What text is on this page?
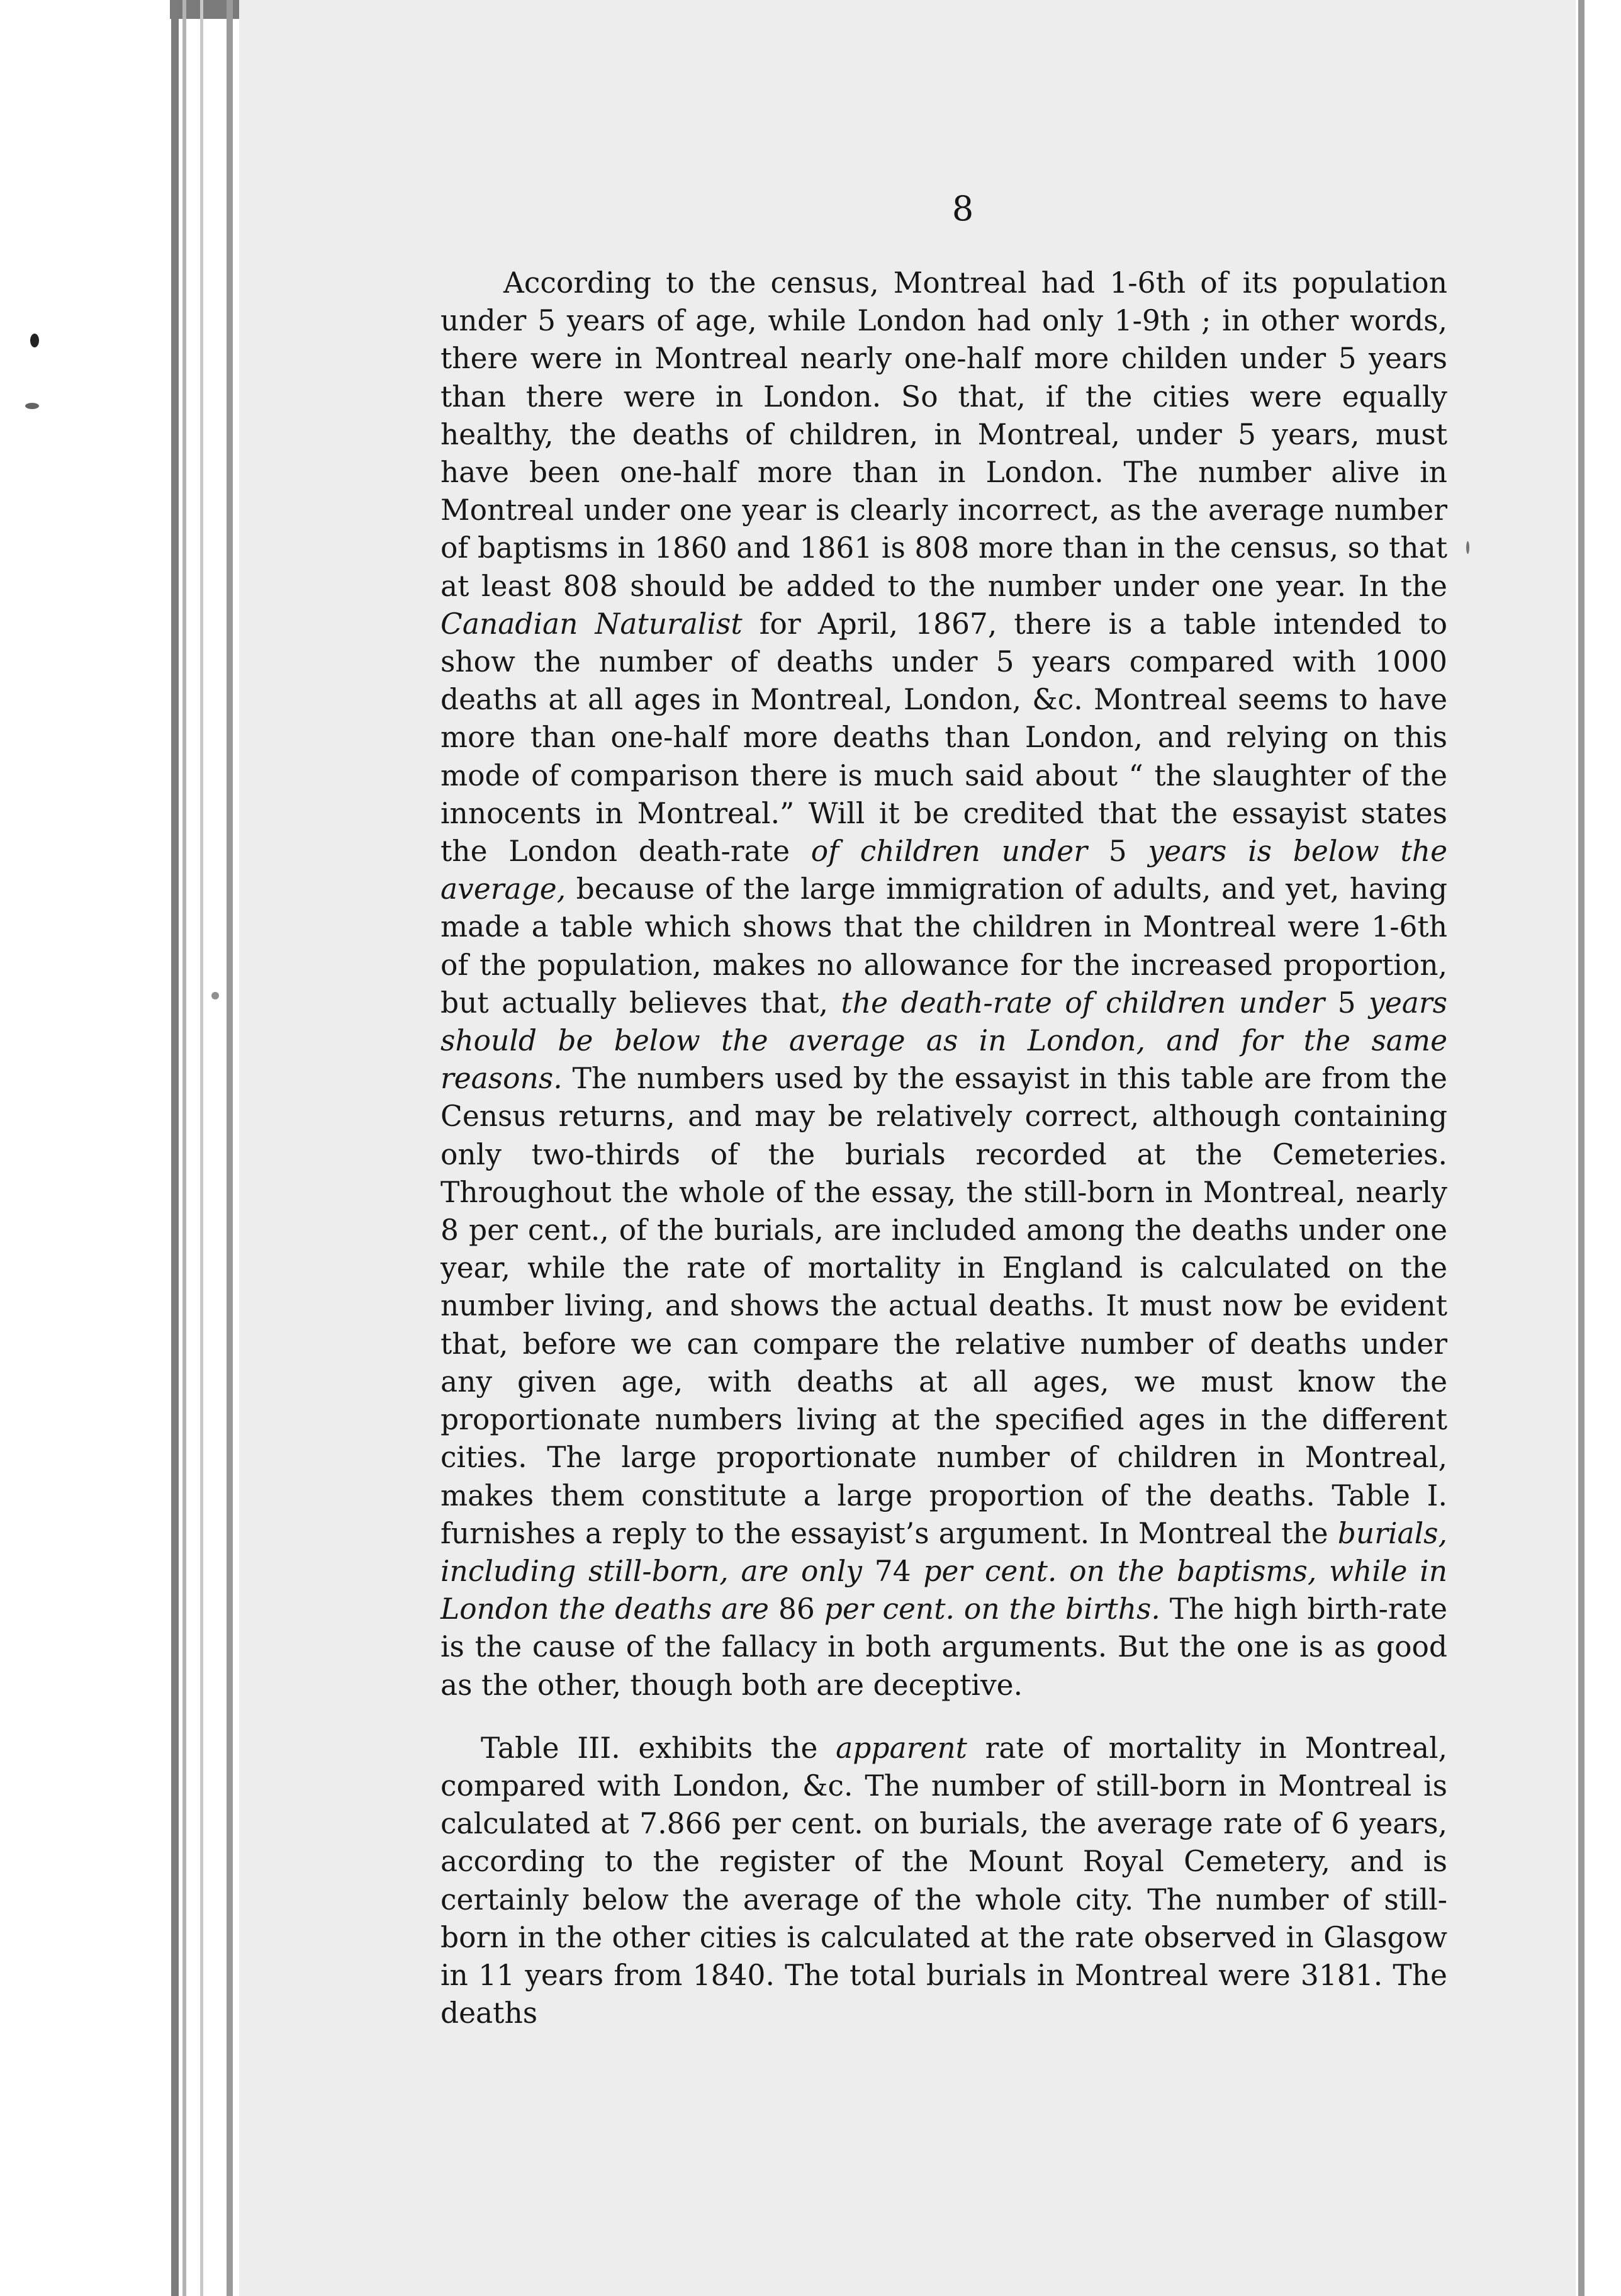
8

According to the census, Montreal had 1-6th of its population under 5 years of age, while London had only 1-9th ; in other words, there were in Montreal nearly one-half more childen under 5 years than there were in London. So that, if the cities were equally healthy, the deaths of children, in Montreal, under 5 years, must have been one-half more than in London. The number alive in Montreal under one year is clearly incorrect, as the average number of baptisms in 1860 and 1861 is 808 more than in the census, so that at least 808 should be added to the number under one year. In the Canadian Naturalist for April, 1867, there is a table intended to show the number of deaths under 5 years compared with 1000 deaths at all ages in Montreal, London, &c. Montreal seems to have more than one-half more deaths than London, and relying on this mode of comparison there is much said about “ the slaughter of the innocents in Montreal.” Will it be credited that the essayist states the London death-rate of children under 5 years is below the average, because of the large immigration of adults, and yet, having made a table which shows that the children in Montreal were 1-6th of the population, makes no allowance for the increased proportion, but actually believes that, the death-rate of children under 5 years should be below the average as in London, and for the same reasons. The numbers used by the essayist in this table are from the Census returns, and may be relatively correct, although containing only two-thirds of the burials recorded at the Cemeteries. Throughout the whole of the essay, the still-born in Montreal, nearly 8 per cent., of the burials, are included among the deaths under one year, while the rate of mortality in England is calculated on the number living, and shows the actual deaths. It must now be evident that, before we can compare the relative number of deaths under any given age, with deaths at all ages, we must know the proportionate numbers living at the specified ages in the different cities. The large proportionate number of children in Montreal, makes them constitute a large proportion of the deaths. Table I. furnishes a reply to the essayist’s argument. In Montreal the burials, including still-born, are only 74 per cent. on the baptisms, while in London the deaths are 86 per cent. on the births. The high birth-rate is the cause of the fallacy in both arguments. But the one is as good as the other, though both are deceptive.

Table III. exhibits the apparent rate of mortality in Montreal, compared with London, &c. The number of still-born in Montreal is calculated at 7.866 per cent. on burials, the average rate of 6 years, according to the register of the Mount Royal Cemetery, and is certainly below the average of the whole city. The number of still-born in the other cities is calculated at the rate observed in Glasgow in 11 years from 1840. The total burials in Montreal were 3181. The deaths
